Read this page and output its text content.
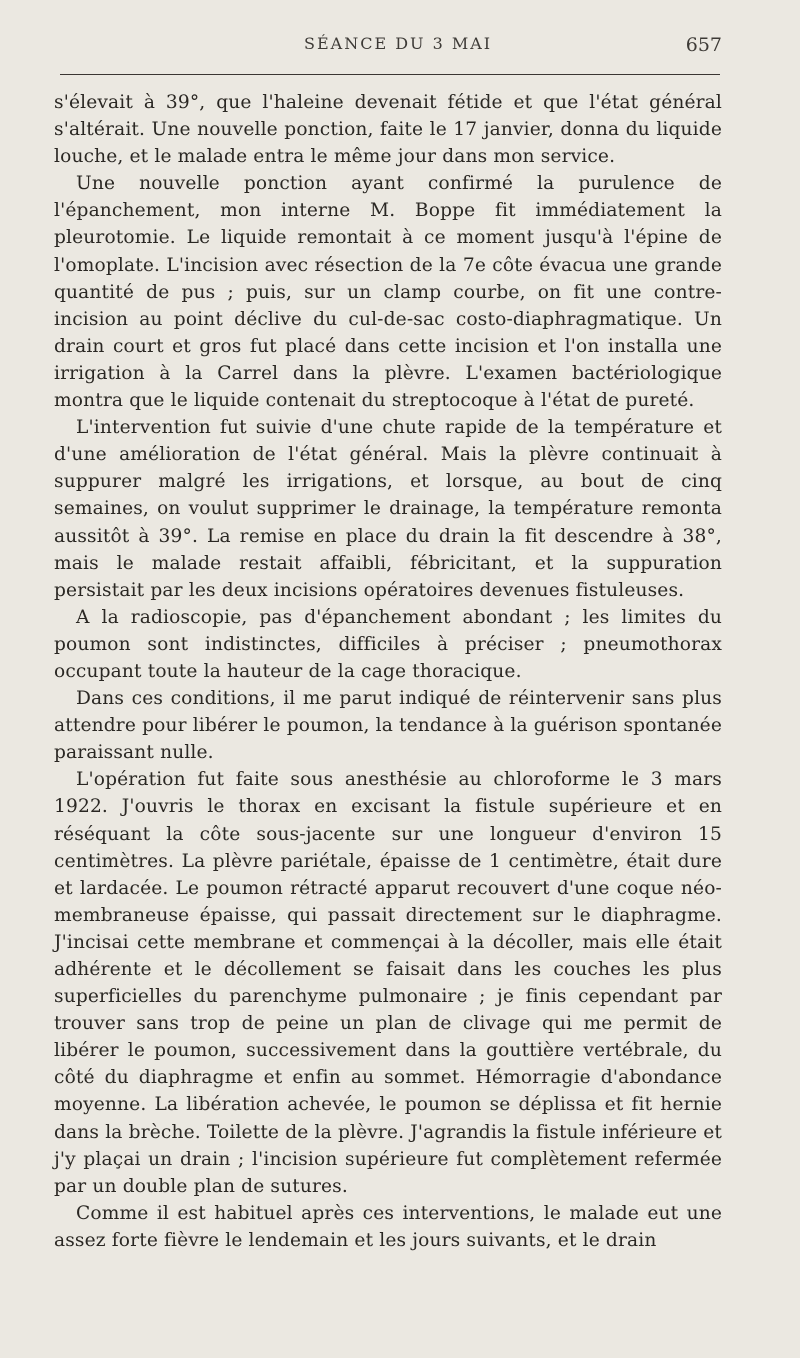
SÉANCE DU 3 MAI	657

s'élevait à 39°, que l'haleine devenait fétide et que l'état général s'altérait. Une nouvelle ponction, faite le 17 janvier, donna du liquide louche, et le malade entra le même jour dans mon service.

Une nouvelle ponction ayant confirmé la purulence de l'épanchement, mon interne M. Boppe fit immédiatement la pleurotomie. Le liquide remontait à ce moment jusqu'à l'épine de l'omoplate. L'incision avec résection de la 7e côte évacua une grande quantité de pus ; puis, sur un clamp courbe, on fit une contre-incision au point déclive du cul-de-sac costo-diaphragmatique. Un drain court et gros fut placé dans cette incision et l'on installa une irrigation à la Carrel dans la plèvre. L'examen bactériologique montra que le liquide contenait du streptocoque à l'état de pureté.

L'intervention fut suivie d'une chute rapide de la température et d'une amélioration de l'état général. Mais la plèvre continuait à suppurer malgré les irrigations, et lorsque, au bout de cinq semaines, on voulut supprimer le drainage, la température remonta aussitôt à 39°. La remise en place du drain la fit descendre à 38°, mais le malade restait affaibli, fébricitant, et la suppuration persistait par les deux incisions opératoires devenues fistuleuses.

A la radioscopie, pas d'épanchement abondant ; les limites du poumon sont indistinctes, difficiles à préciser ; pneumothorax occupant toute la hauteur de la cage thoracique.

Dans ces conditions, il me parut indiqué de réintervenir sans plus attendre pour libérer le poumon, la tendance à la guérison spontanée paraissant nulle.

L'opération fut faite sous anesthésie au chloroforme le 3 mars 1922. J'ouvris le thorax en excisant la fistule supérieure et en réséquant la côte sous-jacente sur une longueur d'environ 15 centimètres. La plèvre pariétale, épaisse de 1 centimètre, était dure et lardacée. Le poumon rétracté apparut recouvert d'une coque néo-membraneuse épaisse, qui passait directement sur le diaphragme. J'incisai cette membrane et commençai à la décoller, mais elle était adhérente et le décollement se faisait dans les couches les plus superficielles du parenchyme pulmonaire ; je finis cependant par trouver sans trop de peine un plan de clivage qui me permit de libérer le poumon, successivement dans la gouttière vertébrale, du côté du diaphragme et enfin au sommet. Hémorragie d'abondance moyenne. La libération achevée, le poumon se déplissa et fit hernie dans la brèche. Toilette de la plèvre. J'agrandis la fistule inférieure et j'y plaçai un drain ; l'incision supérieure fut complètement refermée par un double plan de sutures.

Comme il est habituel après ces interventions, le malade eut une assez forte fièvre le lendemain et les jours suivants, et le drain
